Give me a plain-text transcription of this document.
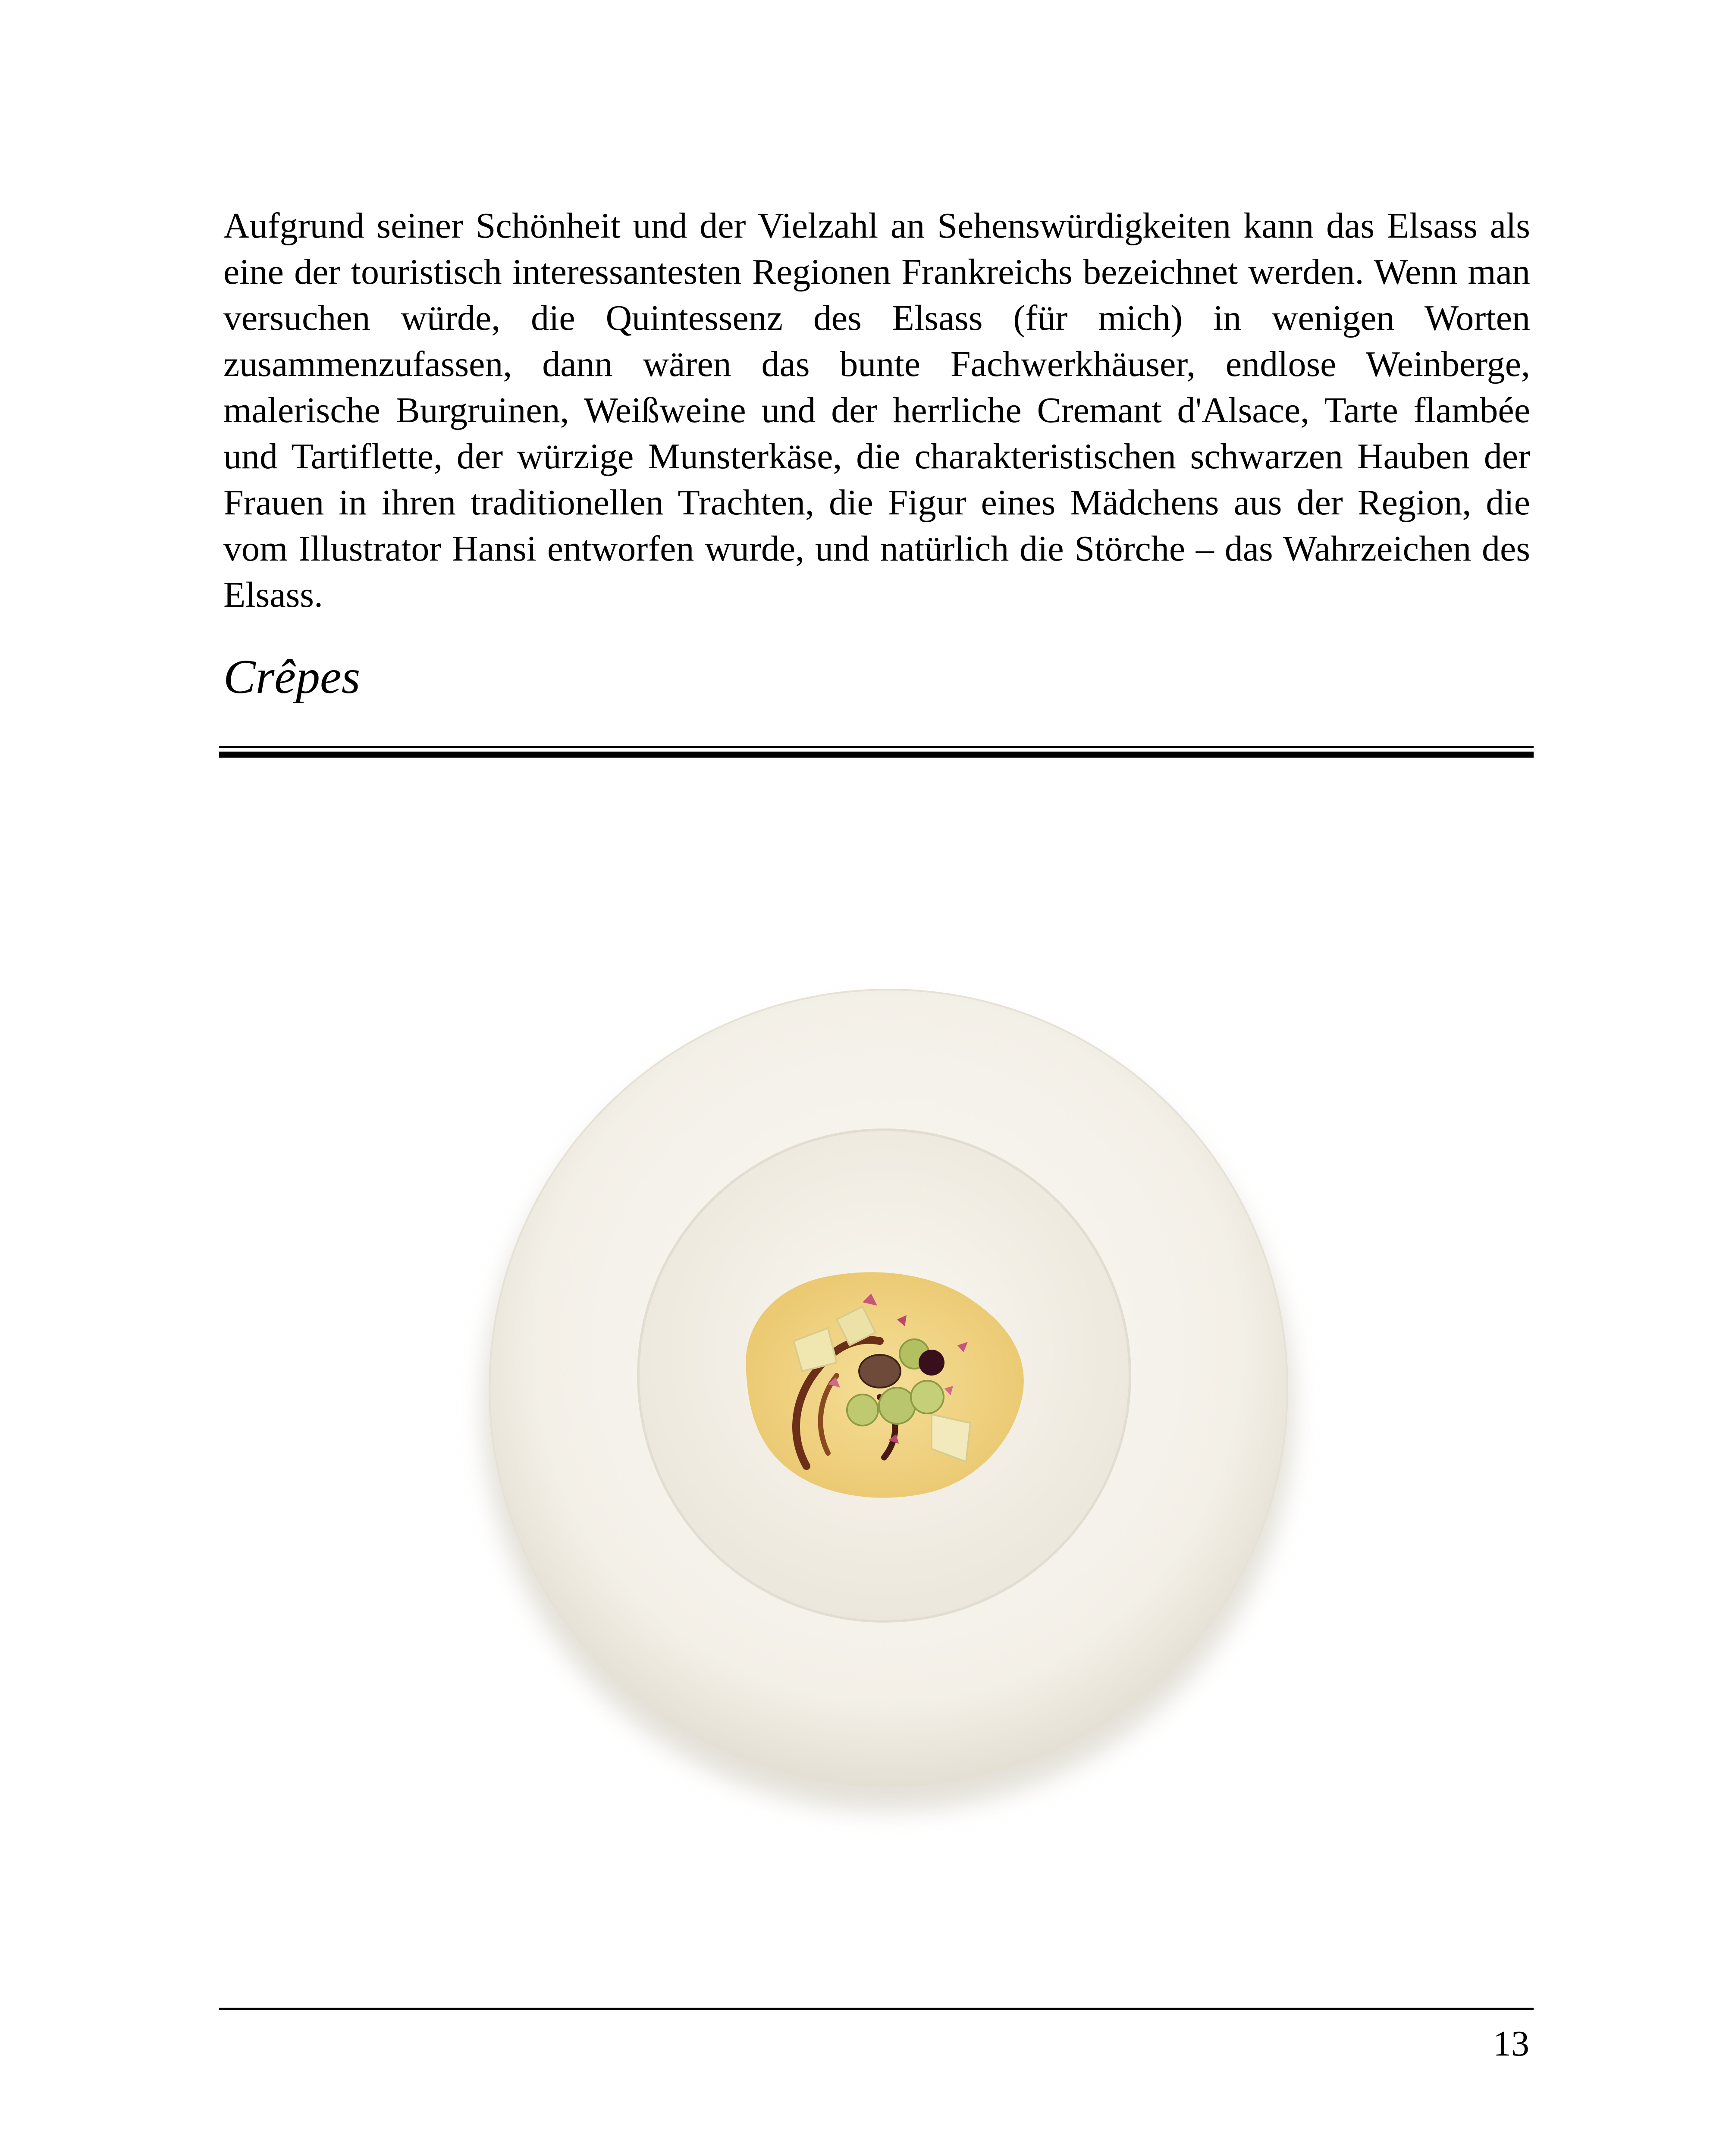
Aufgrund seiner Schönheit und der Vielzahl an Sehenswürdigkeiten kann das Elsass als eine der touristisch interessantesten Regionen Frankreichs bezeichnet werden. Wenn man versuchen würde, die Quintessenz des Elsass (für mich) in wenigen Worten zusammenzufassen, dann wären das bunte Fachwerkhäuser, endlose Weinberge, malerische Burgruinen, Weißweine und der herrliche Cremant d'Alsace, Tarte flambée und Tartiflette, der würzige Munsterkäse, die charakteristischen schwarzen Hauben der Frauen in ihren traditionellen Trachten, die Figur eines Mädchens aus der Region, die vom Illustrator Hansi entworfen wurde, und natürlich die Störche – das Wahrzeichen des Elsass.

Crêpes
13
